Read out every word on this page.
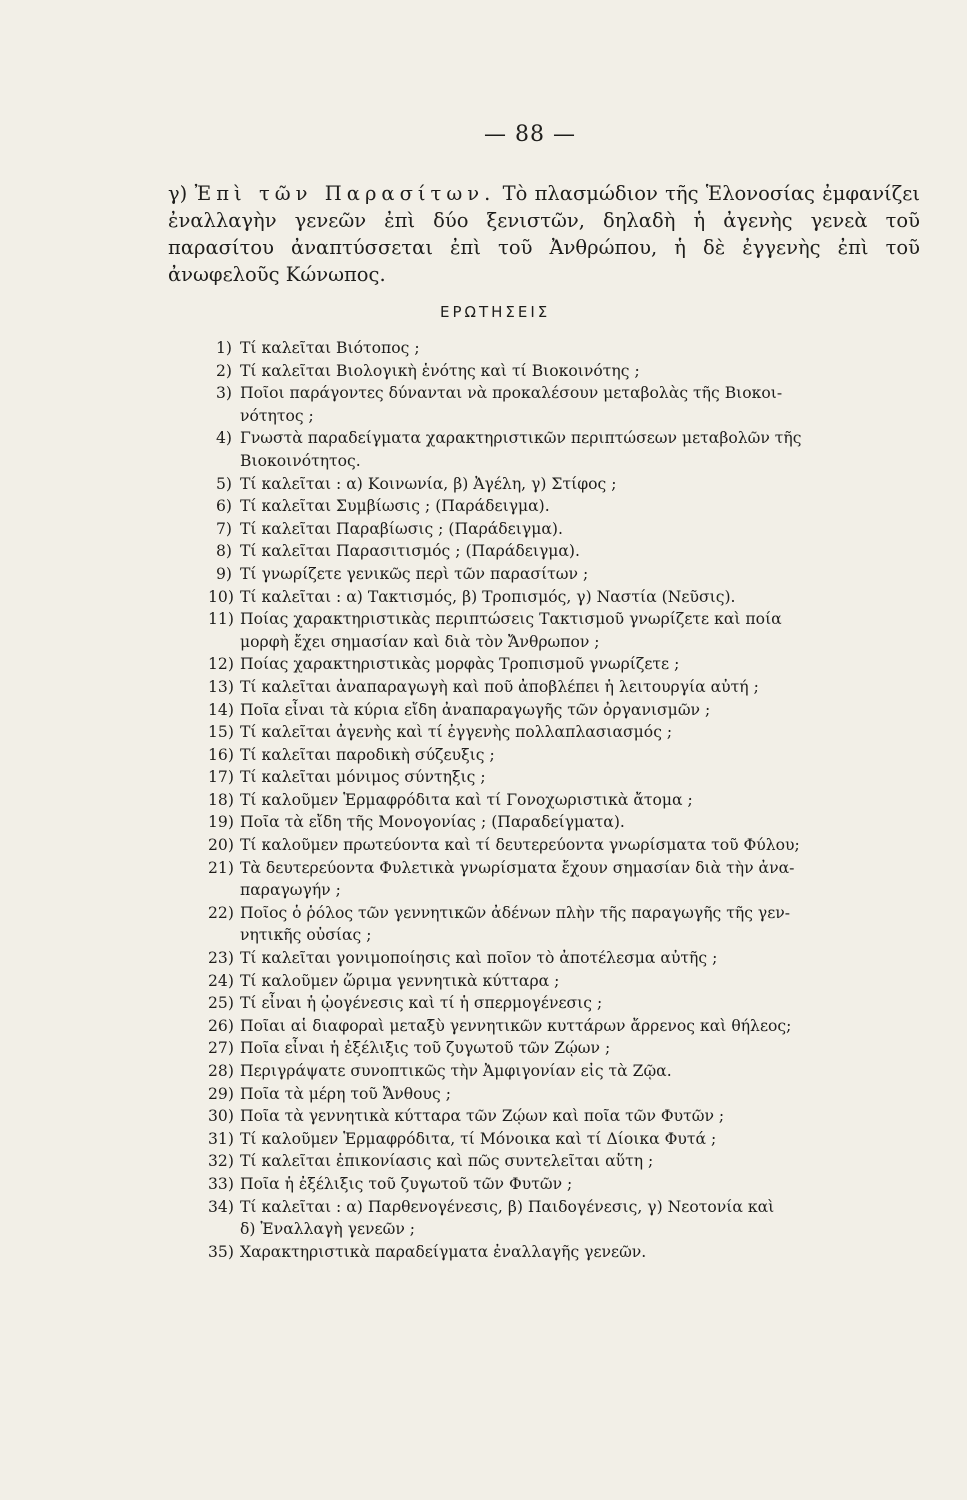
— 88 —
γ) Ἐπὶ τῶν Παρασίτων. Τὸ πλασμώδιον τῆς Ἑλονοσίας ἐμφανίζει ἐναλλαγὴν γενεῶν ἐπὶ δύο ξενιστῶν, δηλαδὴ ἡ ἀγενὴς γενεὰ τοῦ παρασίτου ἀναπτύσσεται ἐπὶ τοῦ Ἀνθρώπου, ἡ δὲ ἐγγενὴς ἐπὶ τοῦ ἀνωφελοῦς Κώνωπος.
ΕΡΩΤΗΣΕΙΣ
1) Τί καλεῖται Βιότοπος ;
2) Τί καλεῖται Βιολογικὴ ἑνότης καὶ τί Βιοκοινότης ;
3) Ποῖοι παράγοντες δύνανται νὰ προκαλέσουν μεταβολὰς τῆς Βιοκοι-
νότητος ;
4) Γνωστὰ παραδείγματα χαρακτηριστικῶν περιπτώσεων μεταβολῶν τῆς
Βιοκοινότητος.
5) Τί καλεῖται : α) Κοινωνία, β) Ἀγέλη, γ) Στίφος ;
6) Τί καλεῖται Συμβίωσις ; (Παράδειγμα).
7) Τί καλεῖται Παραβίωσις ; (Παράδειγμα).
8) Τί καλεῖται Παρασιτισμός ; (Παράδειγμα).
9) Τί γνωρίζετε γενικῶς περὶ τῶν παρασίτων ;
10) Τί καλεῖται : α) Τακτισμός, β) Τροπισμός, γ) Ναστία (Νεῦσις).
11) Ποίας χαρακτηριστικὰς περιπτώσεις Τακτισμοῦ γνωρίζετε καὶ ποία
μορφὴ ἔχει σημασίαν καὶ διὰ τὸν Ἄνθρωπον ;
12) Ποίας χαρακτηριστικὰς μορφὰς Τροπισμοῦ γνωρίζετε ;
13) Τί καλεῖται ἀναπαραγωγὴ καὶ ποῦ ἀποβλέπει ἡ λειτουργία αὐτή ;
14) Ποῖα εἶναι τὰ κύρια εἴδη ἀναπαραγωγῆς τῶν ὀργανισμῶν ;
15) Τί καλεῖται ἀγενὴς καὶ τί ἐγγενὴς πολλαπλασιασμός ;
16) Τί καλεῖται παροδικὴ σύζευξις ;
17) Τί καλεῖται μόνιμος σύντηξις ;
18) Τί καλοῦμεν Ἑρμαφρόδιτα καὶ τί Γονοχωριστικὰ ἄτομα ;
19) Ποῖα τὰ εἴδη τῆς Μονογονίας ; (Παραδείγματα).
20) Τί καλοῦμεν πρωτεύοντα καὶ τί δευτερεύοντα γνωρίσματα τοῦ Φύλου;
21) Τὰ δευτερεύοντα Φυλετικὰ γνωρίσματα ἔχουν σημασίαν διὰ τὴν ἀνα-
παραγωγήν ;
22) Ποῖος ὁ ῥόλος τῶν γεννητικῶν ἀδένων πλὴν τῆς παραγωγῆς τῆς γεν-
νητικῆς οὐσίας ;
23) Τί καλεῖται γονιμοποίησις καὶ ποῖον τὸ ἀποτέλεσμα αὐτῆς ;
24) Τί καλοῦμεν ὥριμα γεννητικὰ κύτταρα ;
25) Τί εἶναι ἡ ᾠογένεσις καὶ τί ἡ σπερμογένεσις ;
26) Ποῖαι αἱ διαφοραὶ μεταξὺ γεννητικῶν κυττάρων ἄρρενος καὶ θήλεος;
27) Ποῖα εἶναι ἡ ἐξέλιξις τοῦ ζυγωτοῦ τῶν Ζῴων ;
28) Περιγράψατε συνοπτικῶς τὴν Ἀμφιγονίαν εἰς τὰ Ζῷα.
29) Ποῖα τὰ μέρη τοῦ Ἄνθους ;
30) Ποῖα τὰ γεννητικὰ κύτταρα τῶν Ζῴων καὶ ποῖα τῶν Φυτῶν ;
31) Τί καλοῦμεν Ἑρμαφρόδιτα, τί Μόνοικα καὶ τί Δίοικα Φυτά ;
32) Τί καλεῖται ἐπικονίασις καὶ πῶς συντελεῖται αὕτη ;
33) Ποῖα ἡ ἐξέλιξις τοῦ ζυγωτοῦ τῶν Φυτῶν ;
34) Τί καλεῖται : α) Παρθενογένεσις, β) Παιδογένεσις, γ) Νεοτονία καὶ
δ) Ἐναλλαγὴ γενεῶν ;
35) Χαρακτηριστικὰ παραδείγματα ἐναλλαγῆς γενεῶν.
